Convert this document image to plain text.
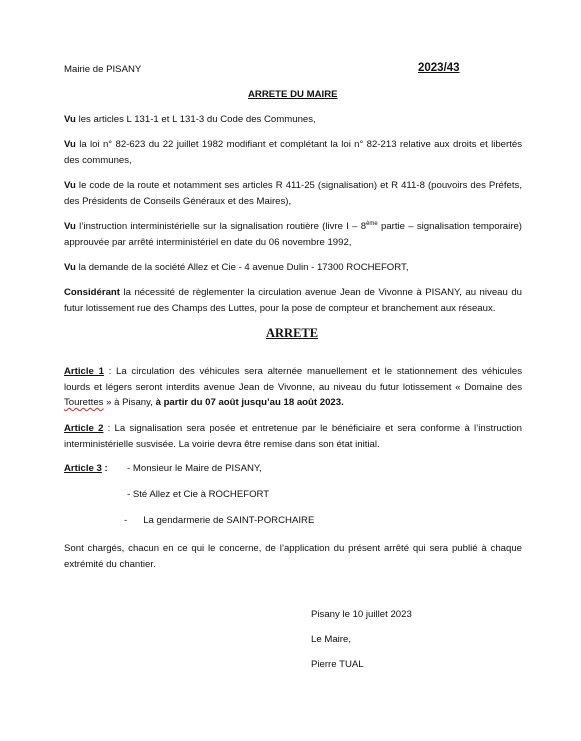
Mairie de PISANY	2023/43
ARRETE DU MAIRE
Vu les articles L 131-1 et L 131-3 du Code des Communes,
Vu la loi n° 82-623 du 22 juillet 1982 modifiant et complétant la loi n° 82-213 relative aux droits et libertés des communes,
Vu le code de la route et notamment ses articles R 411-25 (signalisation) et R 411-8 (pouvoirs des Préfets, des Présidents de Conseils Généraux et des Maires),
Vu l’instruction interministérielle sur la signalisation routière (livre I – 8ème partie – signalisation temporaire) approuvée par arrêté interministériel en date du 06 novembre 1992,
Vu la demande de la société Allez et Cie - 4 avenue Dulin - 17300 ROCHEFORT,
Considérant la nécessité de règlementer la circulation avenue Jean de Vivonne à PISANY, au niveau du futur lotissement rue des Champs des Luttes, pour la pose de compteur et branchement aux réseaux.
ARRETE
Article 1 : La circulation des véhicules sera alternée manuellement et le stationnement des véhicules lourds et légers seront interdits avenue Jean de Vivonne, au niveau du futur lotissement « Domaine des Tourettes » à Pisany, à partir du 07 août jusqu’au 18 août 2023.
Article 2 : La signalisation sera posée et entretenue par le bénéficiaire et sera conforme à l’instruction interministérielle susvisée. La voirie devra être remise dans son état initial.
Article 3 : - Monsieur le Maire de PISANY,
- Sté Allez et Cie à ROCHEFORT
-      La gendarmerie de SAINT-PORCHAIRE
Sont chargés, chacun en ce qui le concerne, de l’application du présent arrêté qui sera publié à chaque extrémité du chantier.
Pisany le 10 juillet 2023
Le Maire,
Pierre TUAL
